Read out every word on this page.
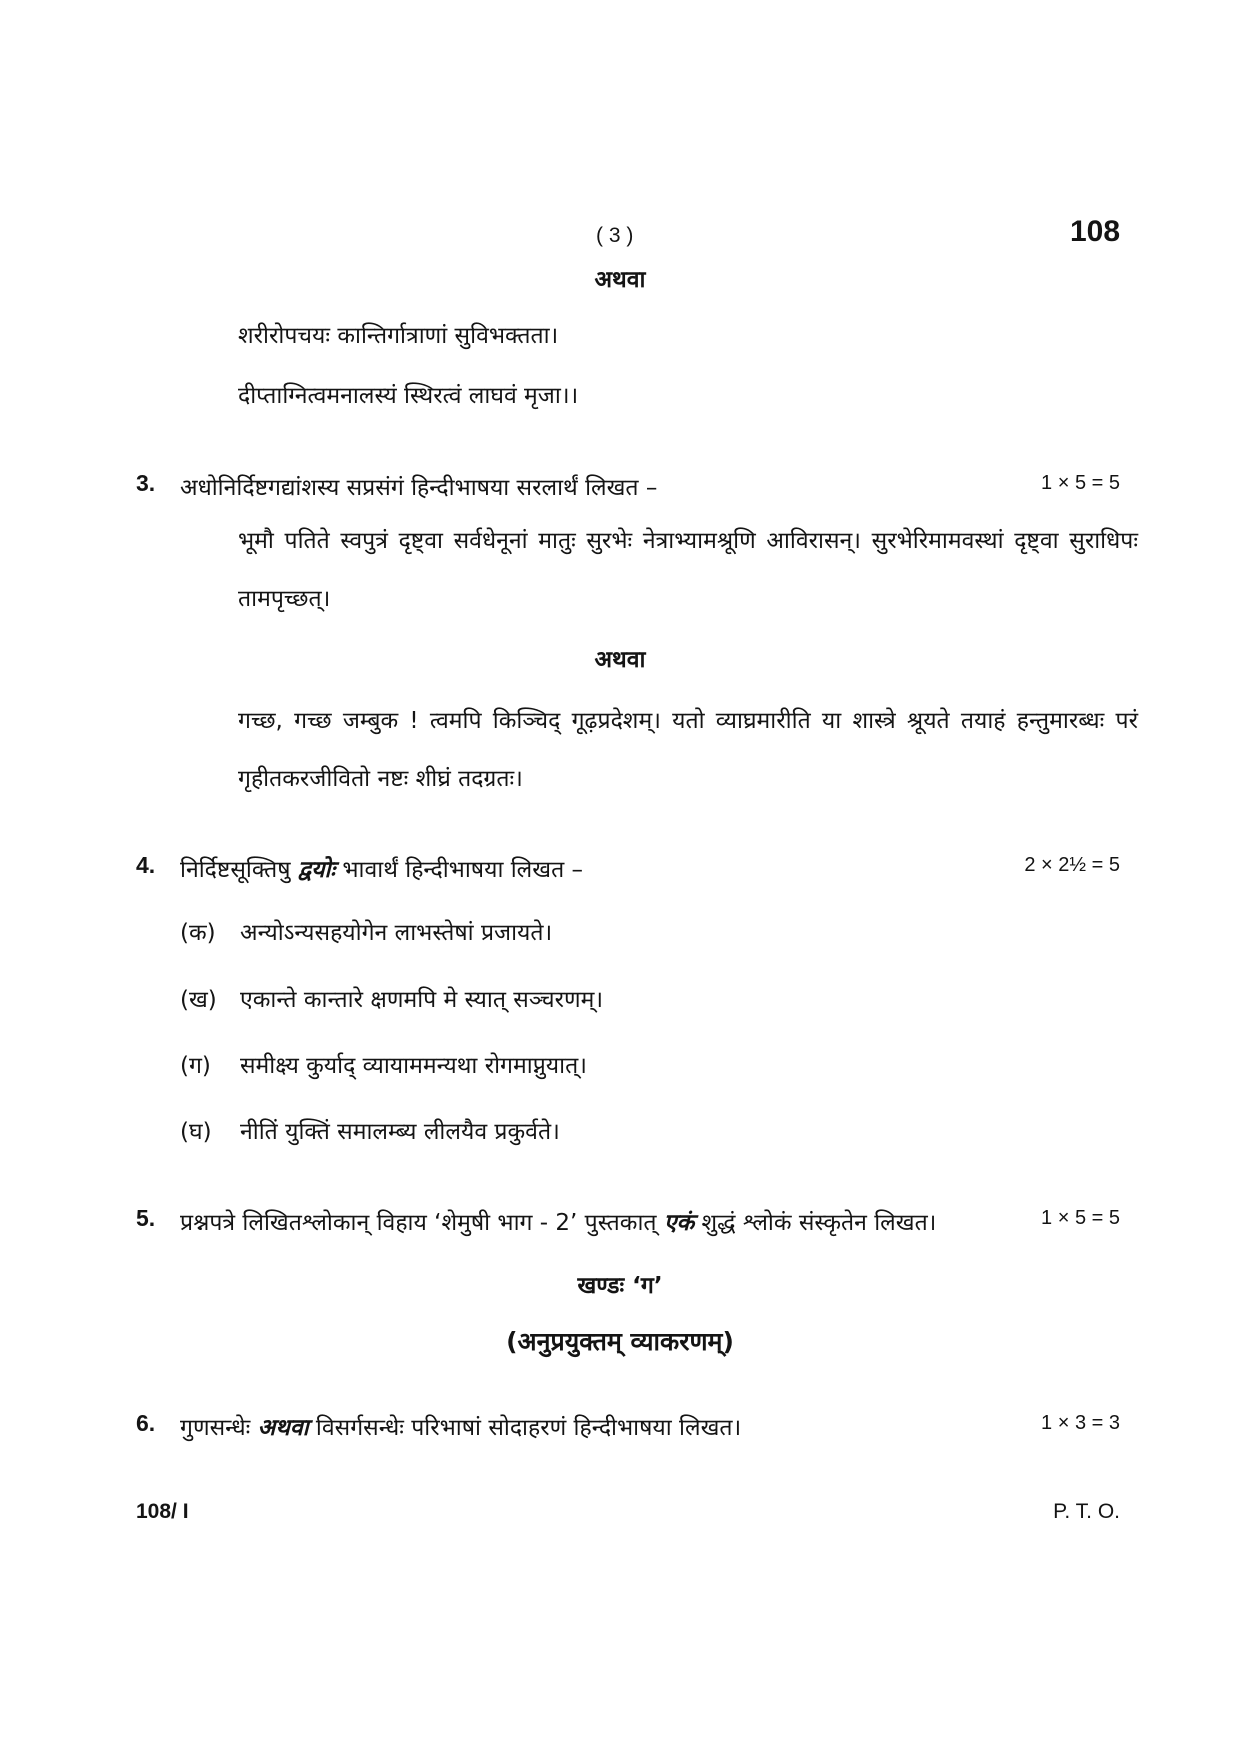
( 3 )	108
अथवा
शरीरोपचयः कान्तिर्गात्राणां सुविभक्तता।
दीप्ताग्नित्वमनालस्यं स्थिरत्वं लाघवं मृजा।।
3. अधोनिर्दिष्टगद्यांशस्य सप्रसंगं हिन्दीभाषया सरलार्थं लिखत –	1 × 5 = 5
भूमौ पतिते स्वपुत्रं दृष्ट्वा सर्वधेनूनां मातुः सुरभेः नेत्राभ्यामश्रूणि आविरासन्। सुरभेरिमामवस्थां दृष्ट्वा सुराधिपः तामपृच्छत्।
अथवा
गच्छ, गच्छ जम्बुक ! त्वमपि किञ्चिद् गूढ़प्रदेशम्। यतो व्याघ्रमारीति या शास्त्रे श्रूयते तयाहं हन्तुमारब्धः परं गृहीतकरजीवितो नष्टः शीघ्रं तदग्रतः।
4. निर्दिष्टसूक्तिषु द्वयोः भावार्थं हिन्दीभाषया लिखत –	2 × 2½ = 5
(क) अन्योऽन्यसहयोगेन लाभस्तेषां प्रजायते।
(ख) एकान्ते कान्तारे क्षणमपि मे स्यात् सञ्चरणम्।
(ग) समीक्ष्य कुर्याद् व्यायाममन्यथा रोगमाप्नुयात्।
(घ) नीतिं युक्तिं समालम्ब्य लीलयैव प्रकुर्वते।
5. प्रश्नपत्रे लिखितश्लोकान् विहाय ‘शेमुषी भाग - 2’ पुस्तकात् एकं शुद्धं श्लोकं संस्कृतेन लिखत।	1 × 5 = 5
खण्डः ‘ग’
(अनुप्रयुक्तम् व्याकरणम्)
6. गुणसन्धेः अथवा विसर्गसन्धेः परिभाषां सोदाहरणं हिन्दीभाषया लिखत।	1 × 3 = 3
108/ I	P. T. O.
